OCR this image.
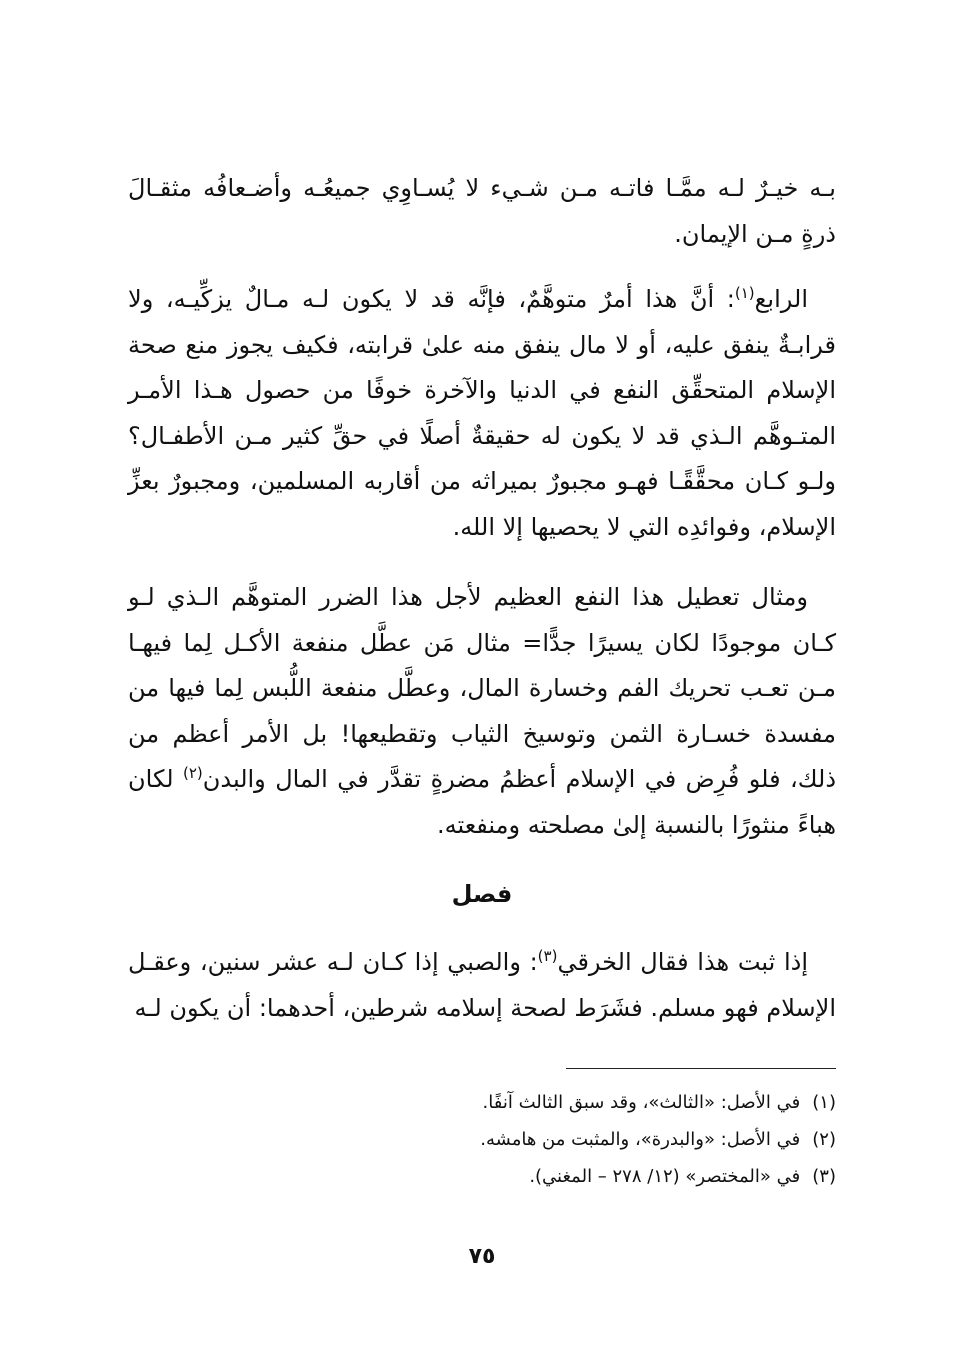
بـه خيـرٌ لـه ممَّـا فاتـه مـن شـيء لا يُسـاوِي جميعُـه وأضـعافُه مثقـالَ ذرةٍ مـن الإيمان.

الرابع$^{(١)}$: أنَّ هذا أمرٌ متوهَّمٌ، فإنَّه قد لا يكون لـه مـالٌ يزكِّيـه، ولا قرابـةٌ ينفق عليه، أو لا مال ينفق منه علىٰ قرابته، فكيف يجوز منع صحة الإسلام المتحقِّق النفع في الدنيا والآخرة خوفًا من حصول هـذا الأمـر المتـوهَّم الـذي قد لا يكون له حقيقةٌ أصلًا في حقِّ كثير مـن الأطفـال؟ ولـو كـان محقَّقًـا فهـو مجبورٌ بميراثه من أقاربه المسلمين، ومجبورٌ بعزِّ الإسلام، وفوائدِه التي لا يحصيها إلا الله.

ومثال تعطيل هذا النفع العظيم لأجل هذا الضرر المتوهَّم الـذي لـو كـان موجودًا لكان يسيرًا جدًّا= مثال مَن عطَّل منفعة الأكـل لِما فيهـا مـن تعـب تحريك الفم وخسارة المال، وعطَّل منفعة اللُّبس لِما فيها من مفسدة خسـارة الثمن وتوسيخ الثياب وتقطيعها! بل الأمر أعظم من ذلك، فلو فُرِض في الإسلام أعظمُ مضرةٍ تقدَّر في المال والبدن$^{(٢)}$ لكان هباءً منثورًا بالنسبة إلىٰ مصلحته ومنفعته.

فصل

إذا ثبت هذا فقال الخرقي$^{(٣)}$: والصبي إذا كـان لـه عشر سنين، وعقـل الإسلام فهو مسلم. فشَرَط لصحة إسلامه شرطين، أحدهما: أن يكون لـه

(١)في الأصل: «الثالث»، وقد سبق الثالث آنفًا.
(٢)في الأصل: «والبدرة»، والمثبت من هامشه.
(٣)في «المختصر» (١٢/ ٢٧٨ – المغني).
٧٥
